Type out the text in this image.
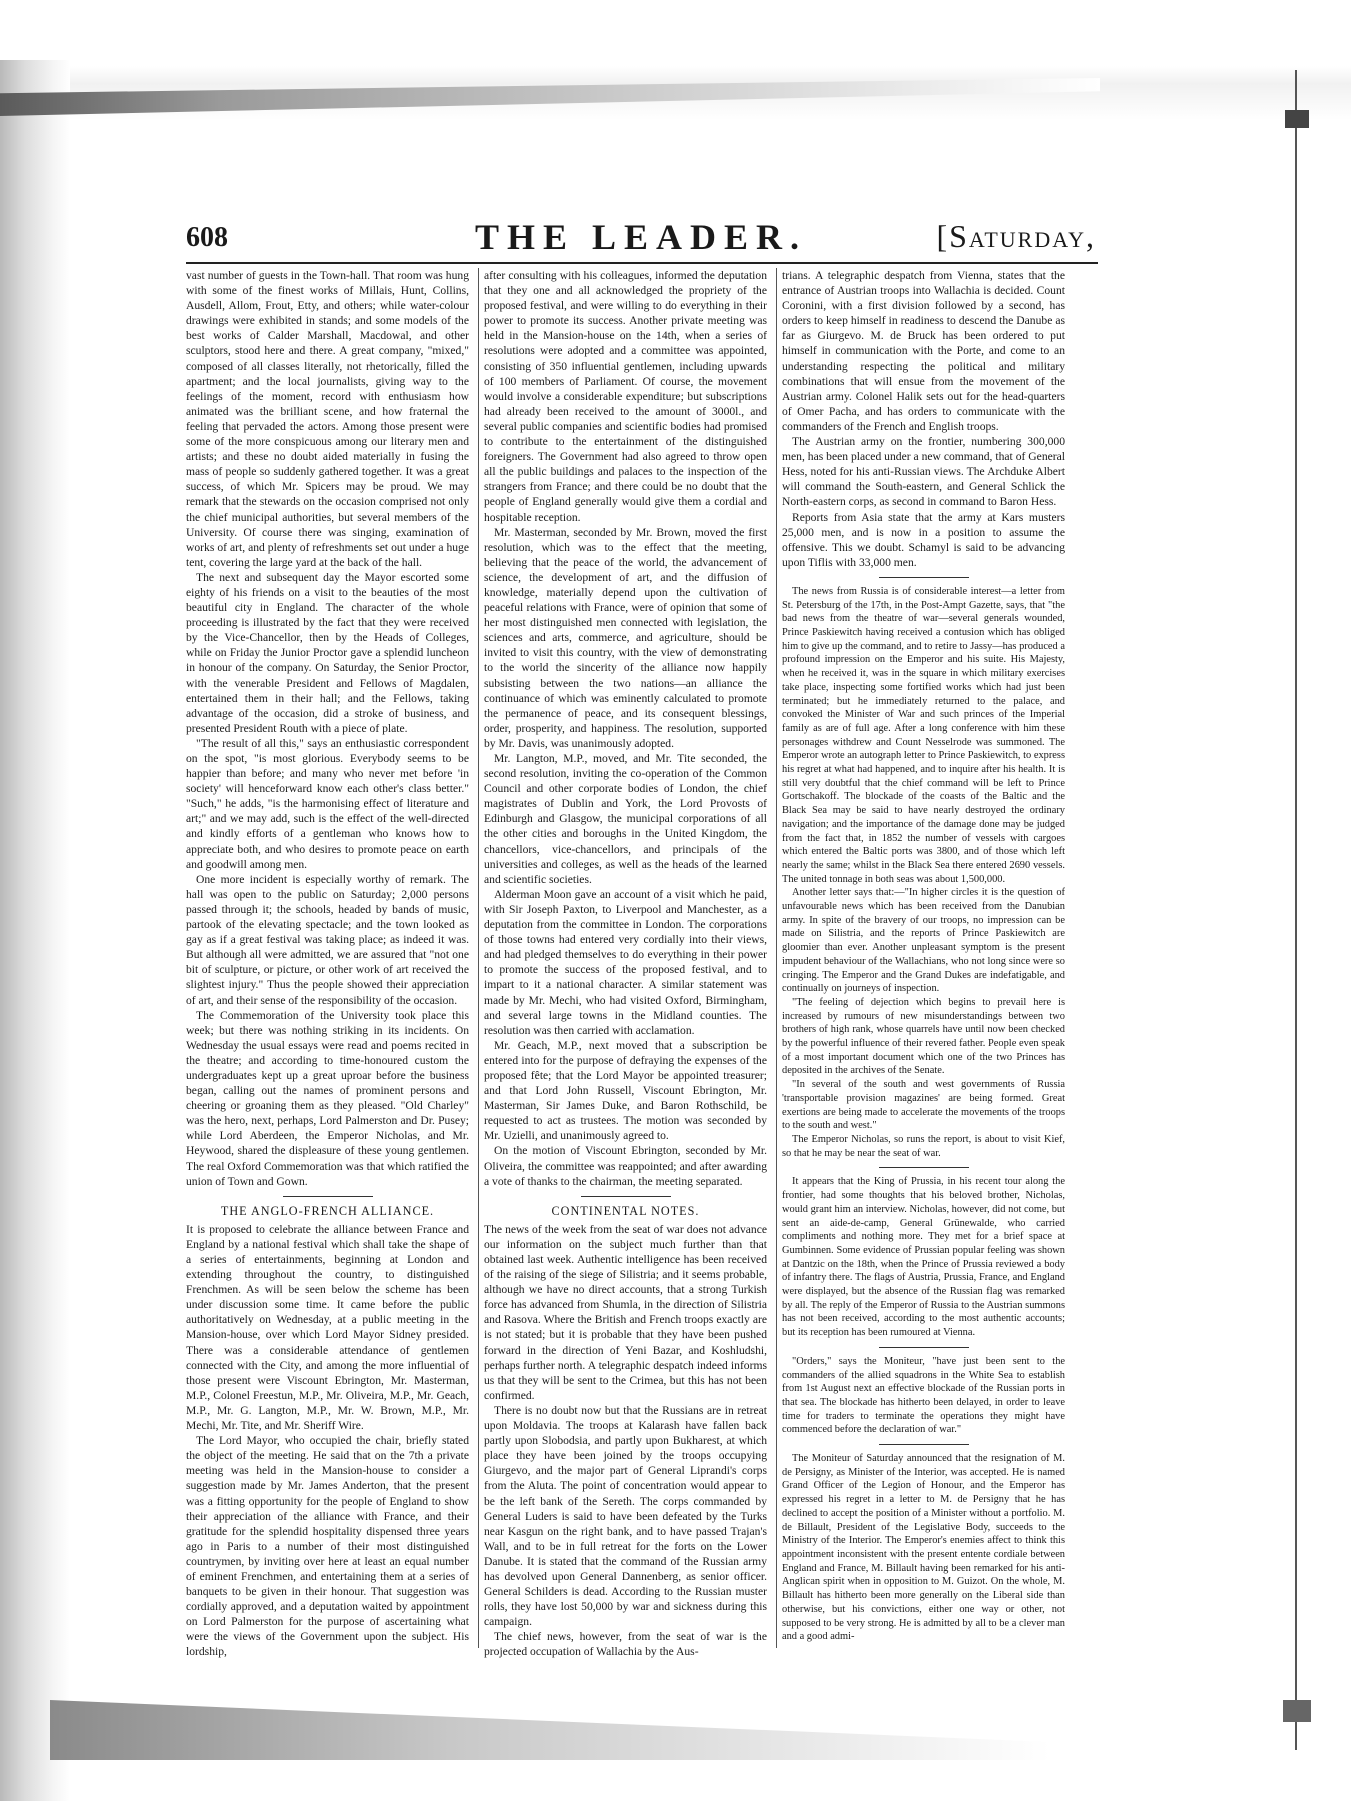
608	THE LEADER.	[Saturday,

vast number of guests in the Town-hall. That room was hung with some of the finest works of Millais, Hunt, Collins, Ausdell, Allom, Frout, Etty, and others; while water-colour drawings were exhibited in stands; and some models of the best works of Calder Marshall, Macdowal, and other sculptors, stood here and there. A great company, "mixed," composed of all classes literally, not rhetorically, filled the apartment; and the local journalists, giving way to the feelings of the moment, record with enthusiasm how animated was the brilliant scene, and how fraternal the feeling that pervaded the actors. Among those present were some of the more conspicuous among our literary men and artists; and these no doubt aided materially in fusing the mass of people so suddenly gathered together. It was a great success, of which Mr. Spicers may be proud. We may remark that the stewards on the occasion comprised not only the chief municipal authorities, but several members of the University. Of course there was singing, examination of works of art, and plenty of refreshments set out under a huge tent, covering the large yard at the back of the hall.

The next and subsequent day the Mayor escorted some eighty of his friends on a visit to the beauties of the most beautiful city in England. The character of the whole proceeding is illustrated by the fact that they were received by the Vice-Chancellor, then by the Heads of Colleges, while on Friday the Junior Proctor gave a splendid luncheon in honour of the company. On Saturday, the Senior Proctor, with the venerable President and Fellows of Magdalen, entertained them in their hall; and the Fellows, taking advantage of the occasion, did a stroke of business, and presented President Routh with a piece of plate.

"The result of all this," says an enthusiastic correspondent on the spot, "is most glorious. Everybody seems to be happier than before; and many who never met before 'in society' will henceforward know each other's class better." "Such," he adds, "is the harmonising effect of literature and art;" and we may add, such is the effect of the well-directed and kindly efforts of a gentleman who knows how to appreciate both, and who desires to promote peace on earth and goodwill among men.

One more incident is especially worthy of remark. The hall was open to the public on Saturday; 2,000 persons passed through it; the schools, headed by bands of music, partook of the elevating spectacle; and the town looked as gay as if a great festival was taking place; as indeed it was. But although all were admitted, we are assured that "not one bit of sculpture, or picture, or other work of art received the slightest injury." Thus the people showed their appreciation of art, and their sense of the responsibility of the occasion.

The Commemoration of the University took place this week; but there was nothing striking in its incidents. On Wednesday the usual essays were read and poems recited in the theatre; and according to time-honoured custom the undergraduates kept up a great uproar before the business began, calling out the names of prominent persons and cheering or groaning them as they pleased. "Old Charley" was the hero, next, perhaps, Lord Palmerston and Dr. Pusey; while Lord Aberdeen, the Emperor Nicholas, and Mr. Heywood, shared the displeasure of these young gentlemen. The real Oxford Commemoration was that which ratified the union of Town and Gown.

THE ANGLO-FRENCH ALLIANCE.

It is proposed to celebrate the alliance between France and England by a national festival which shall take the shape of a series of entertainments, beginning at London and extending throughout the country, to distinguished Frenchmen. As will be seen below the scheme has been under discussion some time. It came before the public authoritatively on Wednesday, at a public meeting in the Mansion-house, over which Lord Mayor Sidney presided. There was a considerable attendance of gentlemen connected with the City, and among the more influential of those present were Viscount Ebrington, Mr. Masterman, M.P., Colonel Freestun, M.P., Mr. Oliveira, M.P., Mr. Geach, M.P., Mr. G. Langton, M.P., Mr. W. Brown, M.P., Mr. Mechi, Mr. Tite, and Mr. Sheriff Wire.

The Lord Mayor, who occupied the chair, briefly stated the object of the meeting. He said that on the 7th a private meeting was held in the Mansion-house to consider a suggestion made by Mr. James Anderton, that the present was a fitting opportunity for the people of England to show their appreciation of the alliance with France, and their gratitude for the splendid hospitality dispensed three years ago in Paris to a number of their most distinguished countrymen, by inviting over here at least an equal number of eminent Frenchmen, and entertaining them at a series of banquets to be given in their honour. That suggestion was cordially approved, and a deputation waited by appointment on Lord Palmerston for the purpose of ascertaining what were the views of the Government upon the subject. His lordship,

after consulting with his colleagues, informed the deputation that they one and all acknowledged the propriety of the proposed festival, and were willing to do everything in their power to promote its success. Another private meeting was held in the Mansion-house on the 14th, when a series of resolutions were adopted and a committee was appointed, consisting of 350 influential gentlemen, including upwards of 100 members of Parliament. Of course, the movement would involve a considerable expenditure; but subscriptions had already been received to the amount of 3000l., and several public companies and scientific bodies had promised to contribute to the entertainment of the distinguished foreigners. The Government had also agreed to throw open all the public buildings and palaces to the inspection of the strangers from France; and there could be no doubt that the people of England generally would give them a cordial and hospitable reception.

Mr. Masterman, seconded by Mr. Brown, moved the first resolution, which was to the effect that the meeting, believing that the peace of the world, the advancement of science, the development of art, and the diffusion of knowledge, materially depend upon the cultivation of peaceful relations with France, were of opinion that some of her most distinguished men connected with legislation, the sciences and arts, commerce, and agriculture, should be invited to visit this country, with the view of demonstrating to the world the sincerity of the alliance now happily subsisting between the two nations—an alliance the continuance of which was eminently calculated to promote the permanence of peace, and its consequent blessings, order, prosperity, and happiness. The resolution, supported by Mr. Davis, was unanimously adopted.

Mr. Langton, M.P., moved, and Mr. Tite seconded, the second resolution, inviting the co-operation of the Common Council and other corporate bodies of London, the chief magistrates of Dublin and York, the Lord Provosts of Edinburgh and Glasgow, the municipal corporations of all the other cities and boroughs in the United Kingdom, the chancellors, vice-chancellors, and principals of the universities and colleges, as well as the heads of the learned and scientific societies.

Alderman Moon gave an account of a visit which he paid, with Sir Joseph Paxton, to Liverpool and Manchester, as a deputation from the committee in London. The corporations of those towns had entered very cordially into their views, and had pledged themselves to do everything in their power to promote the success of the proposed festival, and to impart to it a national character. A similar statement was made by Mr. Mechi, who had visited Oxford, Birmingham, and several large towns in the Midland counties. The resolution was then carried with acclamation.

Mr. Geach, M.P., next moved that a subscription be entered into for the purpose of defraying the expenses of the proposed fête; that the Lord Mayor be appointed treasurer; and that Lord John Russell, Viscount Ebrington, Mr. Masterman, Sir James Duke, and Baron Rothschild, be requested to act as trustees. The motion was seconded by Mr. Uzielli, and unanimously agreed to.

On the motion of Viscount Ebrington, seconded by Mr. Oliveira, the committee was reappointed; and after awarding a vote of thanks to the chairman, the meeting separated.

CONTINENTAL NOTES.

The news of the week from the seat of war does not advance our information on the subject much further than that obtained last week. Authentic intelligence has been received of the raising of the siege of Silistria; and it seems probable, although we have no direct accounts, that a strong Turkish force has advanced from Shumla, in the direction of Silistria and Rasova. Where the British and French troops exactly are is not stated; but it is probable that they have been pushed forward in the direction of Yeni Bazar, and Koshludshi, perhaps further north. A telegraphic despatch indeed informs us that they will be sent to the Crimea, but this has not been confirmed.

There is no doubt now but that the Russians are in retreat upon Moldavia. The troops at Kalarash have fallen back partly upon Slobodsia, and partly upon Bukharest, at which place they have been joined by the troops occupying Giurgevo, and the major part of General Liprandi's corps from the Aluta. The point of concentration would appear to be the left bank of the Sereth. The corps commanded by General Luders is said to have been defeated by the Turks near Kasgun on the right bank, and to have passed Trajan's Wall, and to be in full retreat for the forts on the Lower Danube. It is stated that the command of the Russian army has devolved upon General Dannenberg, as senior officer. General Schilders is dead. According to the Russian muster rolls, they have lost 50,000 by war and sickness during this campaign.

The chief news, however, from the seat of war is the projected occupation of Wallachia by the Aus-

trians. A telegraphic despatch from Vienna, states that the entrance of Austrian troops into Wallachia is decided. Count Coronini, with a first division followed by a second, has orders to keep himself in readiness to descend the Danube as far as Giurgevo. M. de Bruck has been ordered to put himself in communication with the Porte, and come to an understanding respecting the political and military combinations that will ensue from the movement of the Austrian army. Colonel Halik sets out for the head-quarters of Omer Pacha, and has orders to communicate with the commanders of the French and English troops.

The Austrian army on the frontier, numbering 300,000 men, has been placed under a new command, that of General Hess, noted for his anti-Russian views. The Archduke Albert will command the South-eastern, and General Schlick the North-eastern corps, as second in command to Baron Hess.

Reports from Asia state that the army at Kars musters 25,000 men, and is now in a position to assume the offensive. This we doubt. Schamyl is said to be advancing upon Tiflis with 33,000 men.

The news from Russia is of considerable interest—a letter from St. Petersburg of the 17th, in the Post-Ampt Gazette, says, that "the bad news from the theatre of war—several generals wounded, Prince Paskiewitch having received a contusion which has obliged him to give up the command, and to retire to Jassy—has produced a profound impression on the Emperor and his suite. His Majesty, when he received it, was in the square in which military exercises take place, inspecting some fortified works which had just been terminated; but he immediately returned to the palace, and convoked the Minister of War and such princes of the Imperial family as are of full age. After a long conference with him these personages withdrew and Count Nesselrode was summoned. The Emperor wrote an autograph letter to Prince Paskiewitch, to express his regret at what had happened, and to inquire after his health. It is still very doubtful that the chief command will be left to Prince Gortschakoff. The blockade of the coasts of the Baltic and the Black Sea may be said to have nearly destroyed the ordinary navigation; and the importance of the damage done may be judged from the fact that, in 1852 the number of vessels with cargoes which entered the Baltic ports was 3800, and of those which left nearly the same; whilst in the Black Sea there entered 2690 vessels. The united tonnage in both seas was about 1,500,000.

Another letter says that:—"In higher circles it is the question of unfavourable news which has been received from the Danubian army. In spite of the bravery of our troops, no impression can be made on Silistria, and the reports of Prince Paskiewitch are gloomier than ever. Another unpleasant symptom is the present impudent behaviour of the Wallachians, who not long since were so cringing. The Emperor and the Grand Dukes are indefatigable, and continually on journeys of inspection.

"The feeling of dejection which begins to prevail here is increased by rumours of new misunderstandings between two brothers of high rank, whose quarrels have until now been checked by the powerful influence of their revered father. People even speak of a most important document which one of the two Princes has deposited in the archives of the Senate.

"In several of the south and west governments of Russia 'transportable provision magazines' are being formed. Great exertions are being made to accelerate the movements of the troops to the south and west."

The Emperor Nicholas, so runs the report, is about to visit Kief, so that he may be near the seat of war.

It appears that the King of Prussia, in his recent tour along the frontier, had some thoughts that his beloved brother, Nicholas, would grant him an interview. Nicholas, however, did not come, but sent an aide-de-camp, General Grünewalde, who carried compliments and nothing more. They met for a brief space at Gumbinnen. Some evidence of Prussian popular feeling was shown at Dantzic on the 18th, when the Prince of Prussia reviewed a body of infantry there. The flags of Austria, Prussia, France, and England were displayed, but the absence of the Russian flag was remarked by all. The reply of the Emperor of Russia to the Austrian summons has not been received, according to the most authentic accounts; but its reception has been rumoured at Vienna.

"Orders," says the Moniteur, "have just been sent to the commanders of the allied squadrons in the White Sea to establish from 1st August next an effective blockade of the Russian ports in that sea. The blockade has hitherto been delayed, in order to leave time for traders to terminate the operations they might have commenced before the declaration of war."

The Moniteur of Saturday announced that the resignation of M. de Persigny, as Minister of the Interior, was accepted. He is named Grand Officer of the Legion of Honour, and the Emperor has expressed his regret in a letter to M. de Persigny that he has declined to accept the position of a Minister without a portfolio. M. de Billault, President of the Legislative Body, succeeds to the Ministry of the Interior. The Emperor's enemies affect to think this appointment inconsistent with the present entente cordiale between England and France, M. Billault having been remarked for his anti-Anglican spirit when in opposition to M. Guizot. On the whole, M. Billault has hitherto been more generally on the Liberal side than otherwise, but his convictions, either one way or other, not supposed to be very strong. He is admitted by all to be a clever man and a good admi-
